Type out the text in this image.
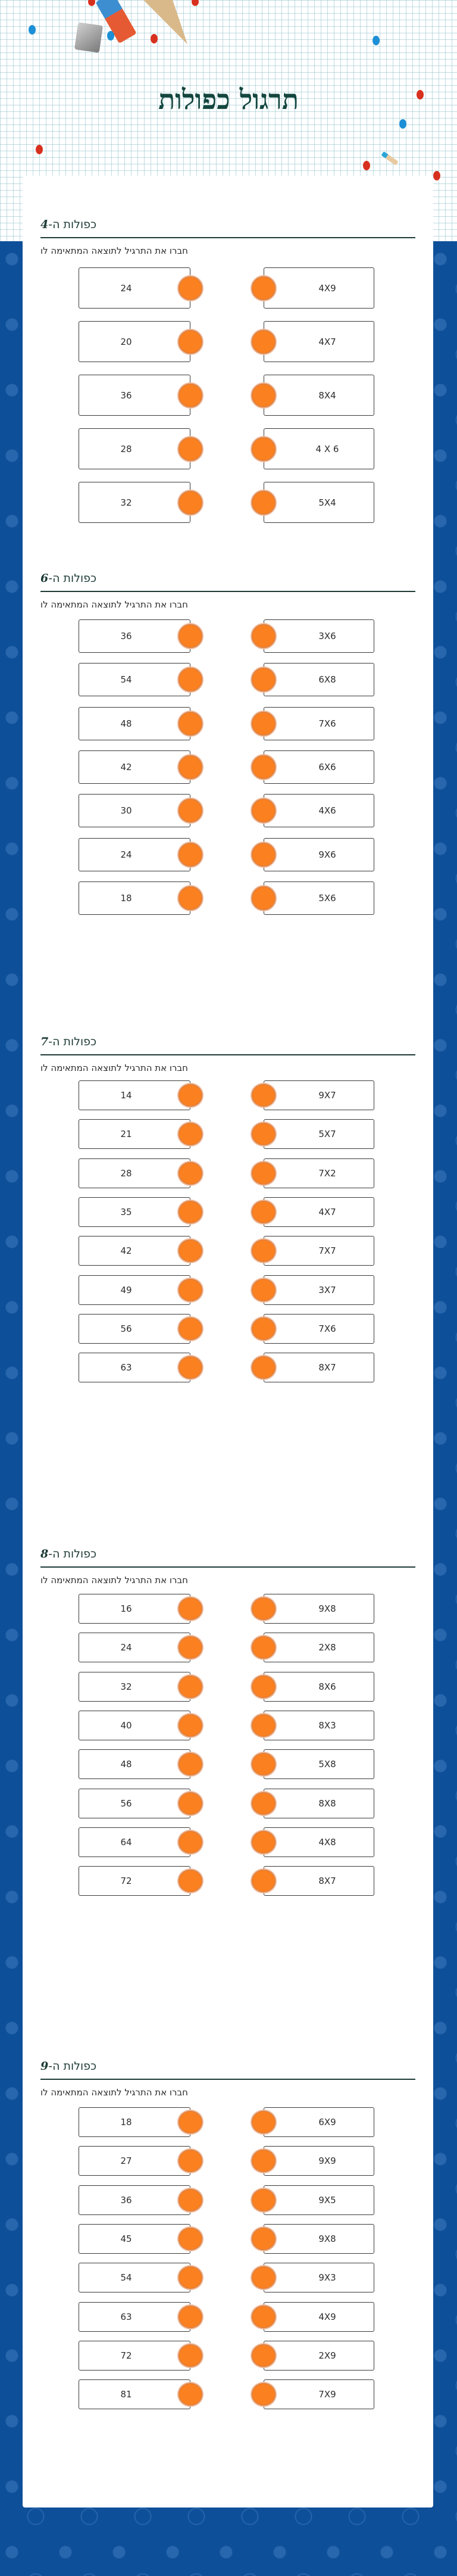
תרגול כפולות
כפולות ה-4
חברו את התרגיל לתוצאה המתאימה לו
24	4X9
20	4X7
36	8X4
28	4 X 6
32	5X4
כפולות ה-6
חברו את התרגיל לתוצאה המתאימה לו
36	3X6
54	6X8
48	7X6
42	6X6
30	4X6
24	9X6
18	5X6
כפולות ה-7
חברו את התרגיל לתוצאה המתאימה לו
14	9X7
21	5X7
28	7X2
35	4X7
42	7X7
49	3X7
56	7X6
63	8X7
כפולות ה-8
חברו את התרגיל לתוצאה המתאימה לו
16	9X8
24	2X8
32	8X6
40	8X3
48	5X8
56	8X8
64	4X8
72	8X7
כפולות ה-9
חברו את התרגיל לתוצאה המתאימה לו
18	6X9
27	9X9
36	9X5
45	9X8
54	9X3
63	4X9
72	2X9
81	7X9
